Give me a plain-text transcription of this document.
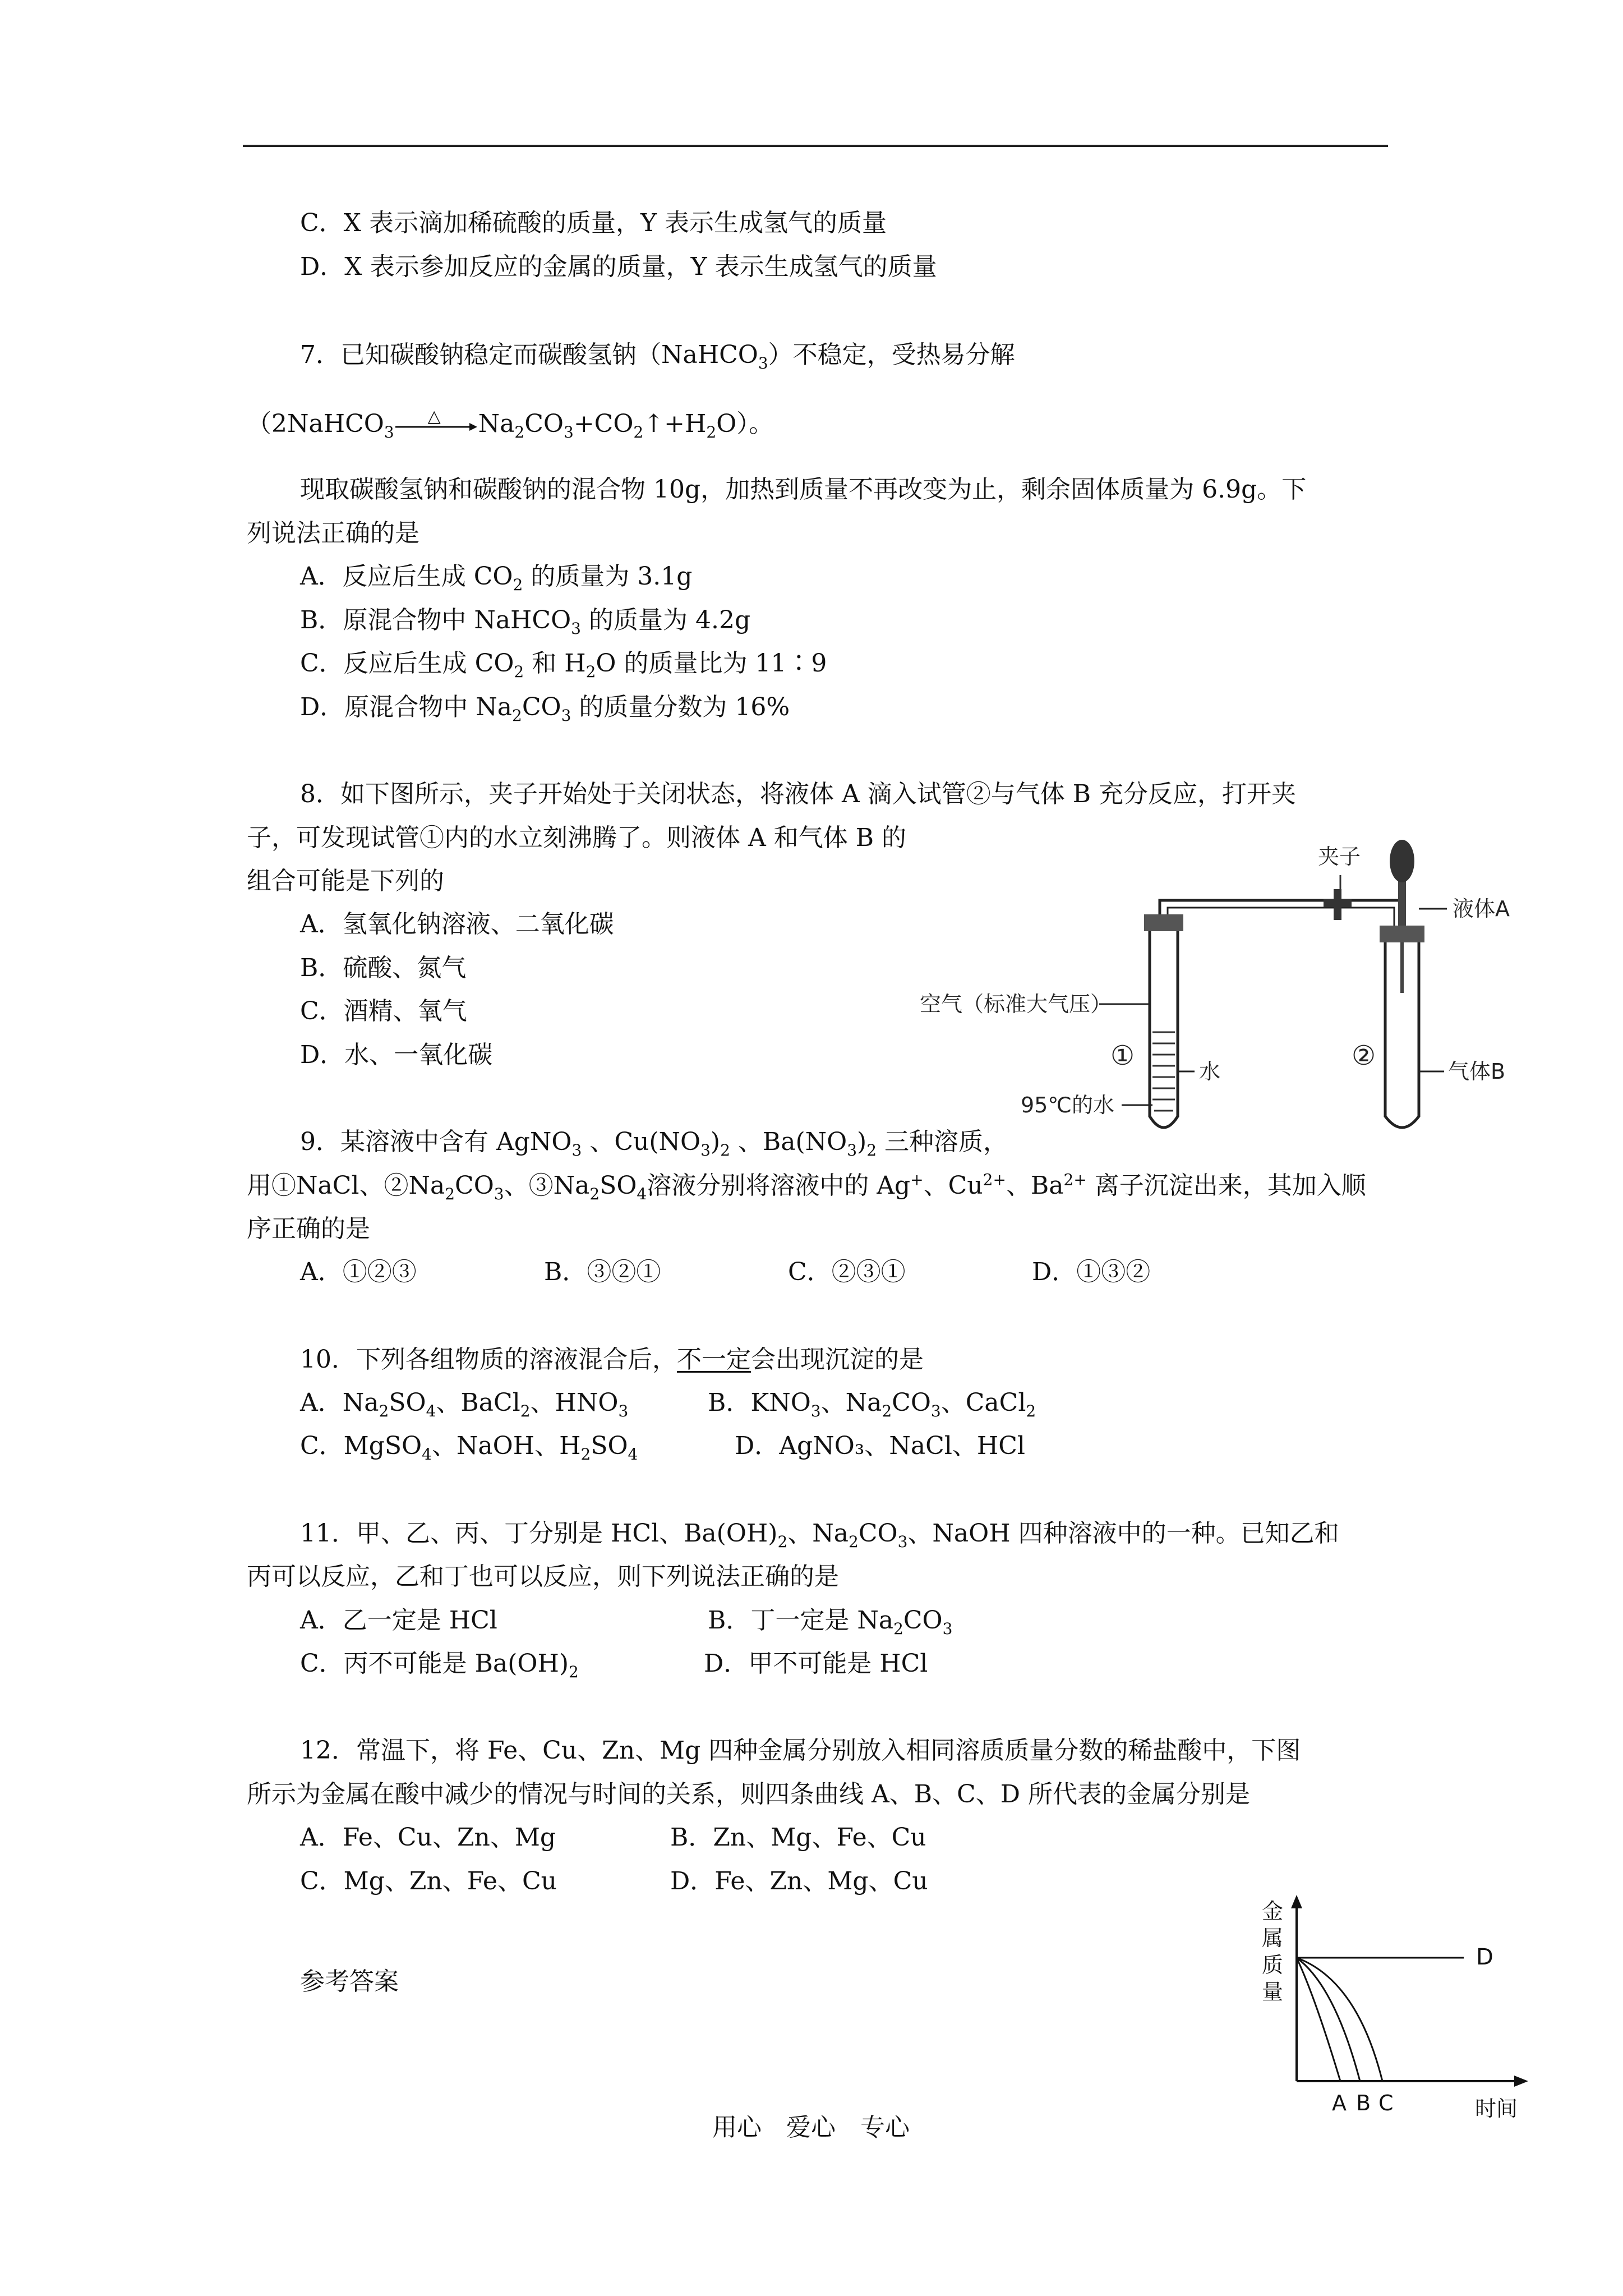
C．X 表示滴加稀硫酸的质量，Y 表示生成氢气的质量
D．X 表示参加反应的金属的质量，Y 表示生成氢气的质量
7．已知碳酸钠稳定而碳酸氢钠（NaHCO$_3$）不稳定，受热易分解
（2NaHCO$_3$
△ $Na_2CO_3+CO_2↑+H_2O$）。
现取碳酸氢钠和碳酸钠的混合物 10g，加热到质量不再改变为止，剩余固体质量为 6.9g。下
列说法正确的是
A．反应后生成 $CO_2$ 的质量为 3.1g
B．原混合物中 NaHCO$_3$ 的质量为 4.2g
C．反应后生成 $CO_2$ 和 $H_2O$ 的质量比为 11∶9
D．原混合物中 $Na_2CO_3$ 的质量分数为 16%
8．如下图所示，夹子开始处于关闭状态，将液体 A 滴入试管②与气体 B 充分反应，打开夹
子，可发现试管①内的水立刻沸腾了。则液体 A 和气体 B 的
组合可能是下列的
A．氢氧化钠溶液、二氧化碳
B．硫酸、氮气
C．酒精、氧气
D．水、一氧化碳
夹子
液体A
空气（标准大气压）
①	②
水	气体B
95℃的水
9．某溶液中含有 AgNO$_3$ 、$Cu(NO_3)_2$ 、$Ba(NO_3)_2$ 三种溶质，
用①NaCl、$②Na_2CO_3$、$③Na_2SO_4$溶液分别将溶液中的 Ag+、$Cu^{2+}$、$Ba^{2+}$ 离子沉淀出来，其加入顺
序正确的是
A．①②③	B．③②①	C．②③①	D．①③②
10．下列各组物质的溶液混合后，不一定会出现沉淀的是
A．$Na_2SO_4$、BaCl$_2$、$HNO_3$	B．$KNO_3$、$Na_2CO_3$、CaCl$_2$
C．MgSO$_4$、NaOH、$H_2SO_4$	D．AgNO₃、NaCl、HCl
11．甲、乙、丙、丁分别是 HCl、$Ba(OH)_2$、$Na_2CO_3$、NaOH 四种溶液中的一种。已知乙和
丙可以反应，乙和丁也可以反应，则下列说法正确的是
A．乙一定是 HCl	B．丁一定是 $Na_2CO_3$
C．丙不可能是 $Ba(OH)_2$	D．甲不可能是 HCl
12．常温下，将 Fe、Cu、Zn、Mg 四种金属分别放入相同溶质质量分数的稀盐酸中，下图
所示为金属在酸中减少的情况与时间的关系，则四条曲线 A、B、C、D 所代表的金属分别是
A．Fe、Cu、Zn、Mg	B．Zn、Mg、Fe、Cu
C．Mg、Zn、Fe、Cu	D．Fe、Zn、Mg、Cu
金
属
质
量
D
A B C	时间
参考答案
用心　爱心　专心
